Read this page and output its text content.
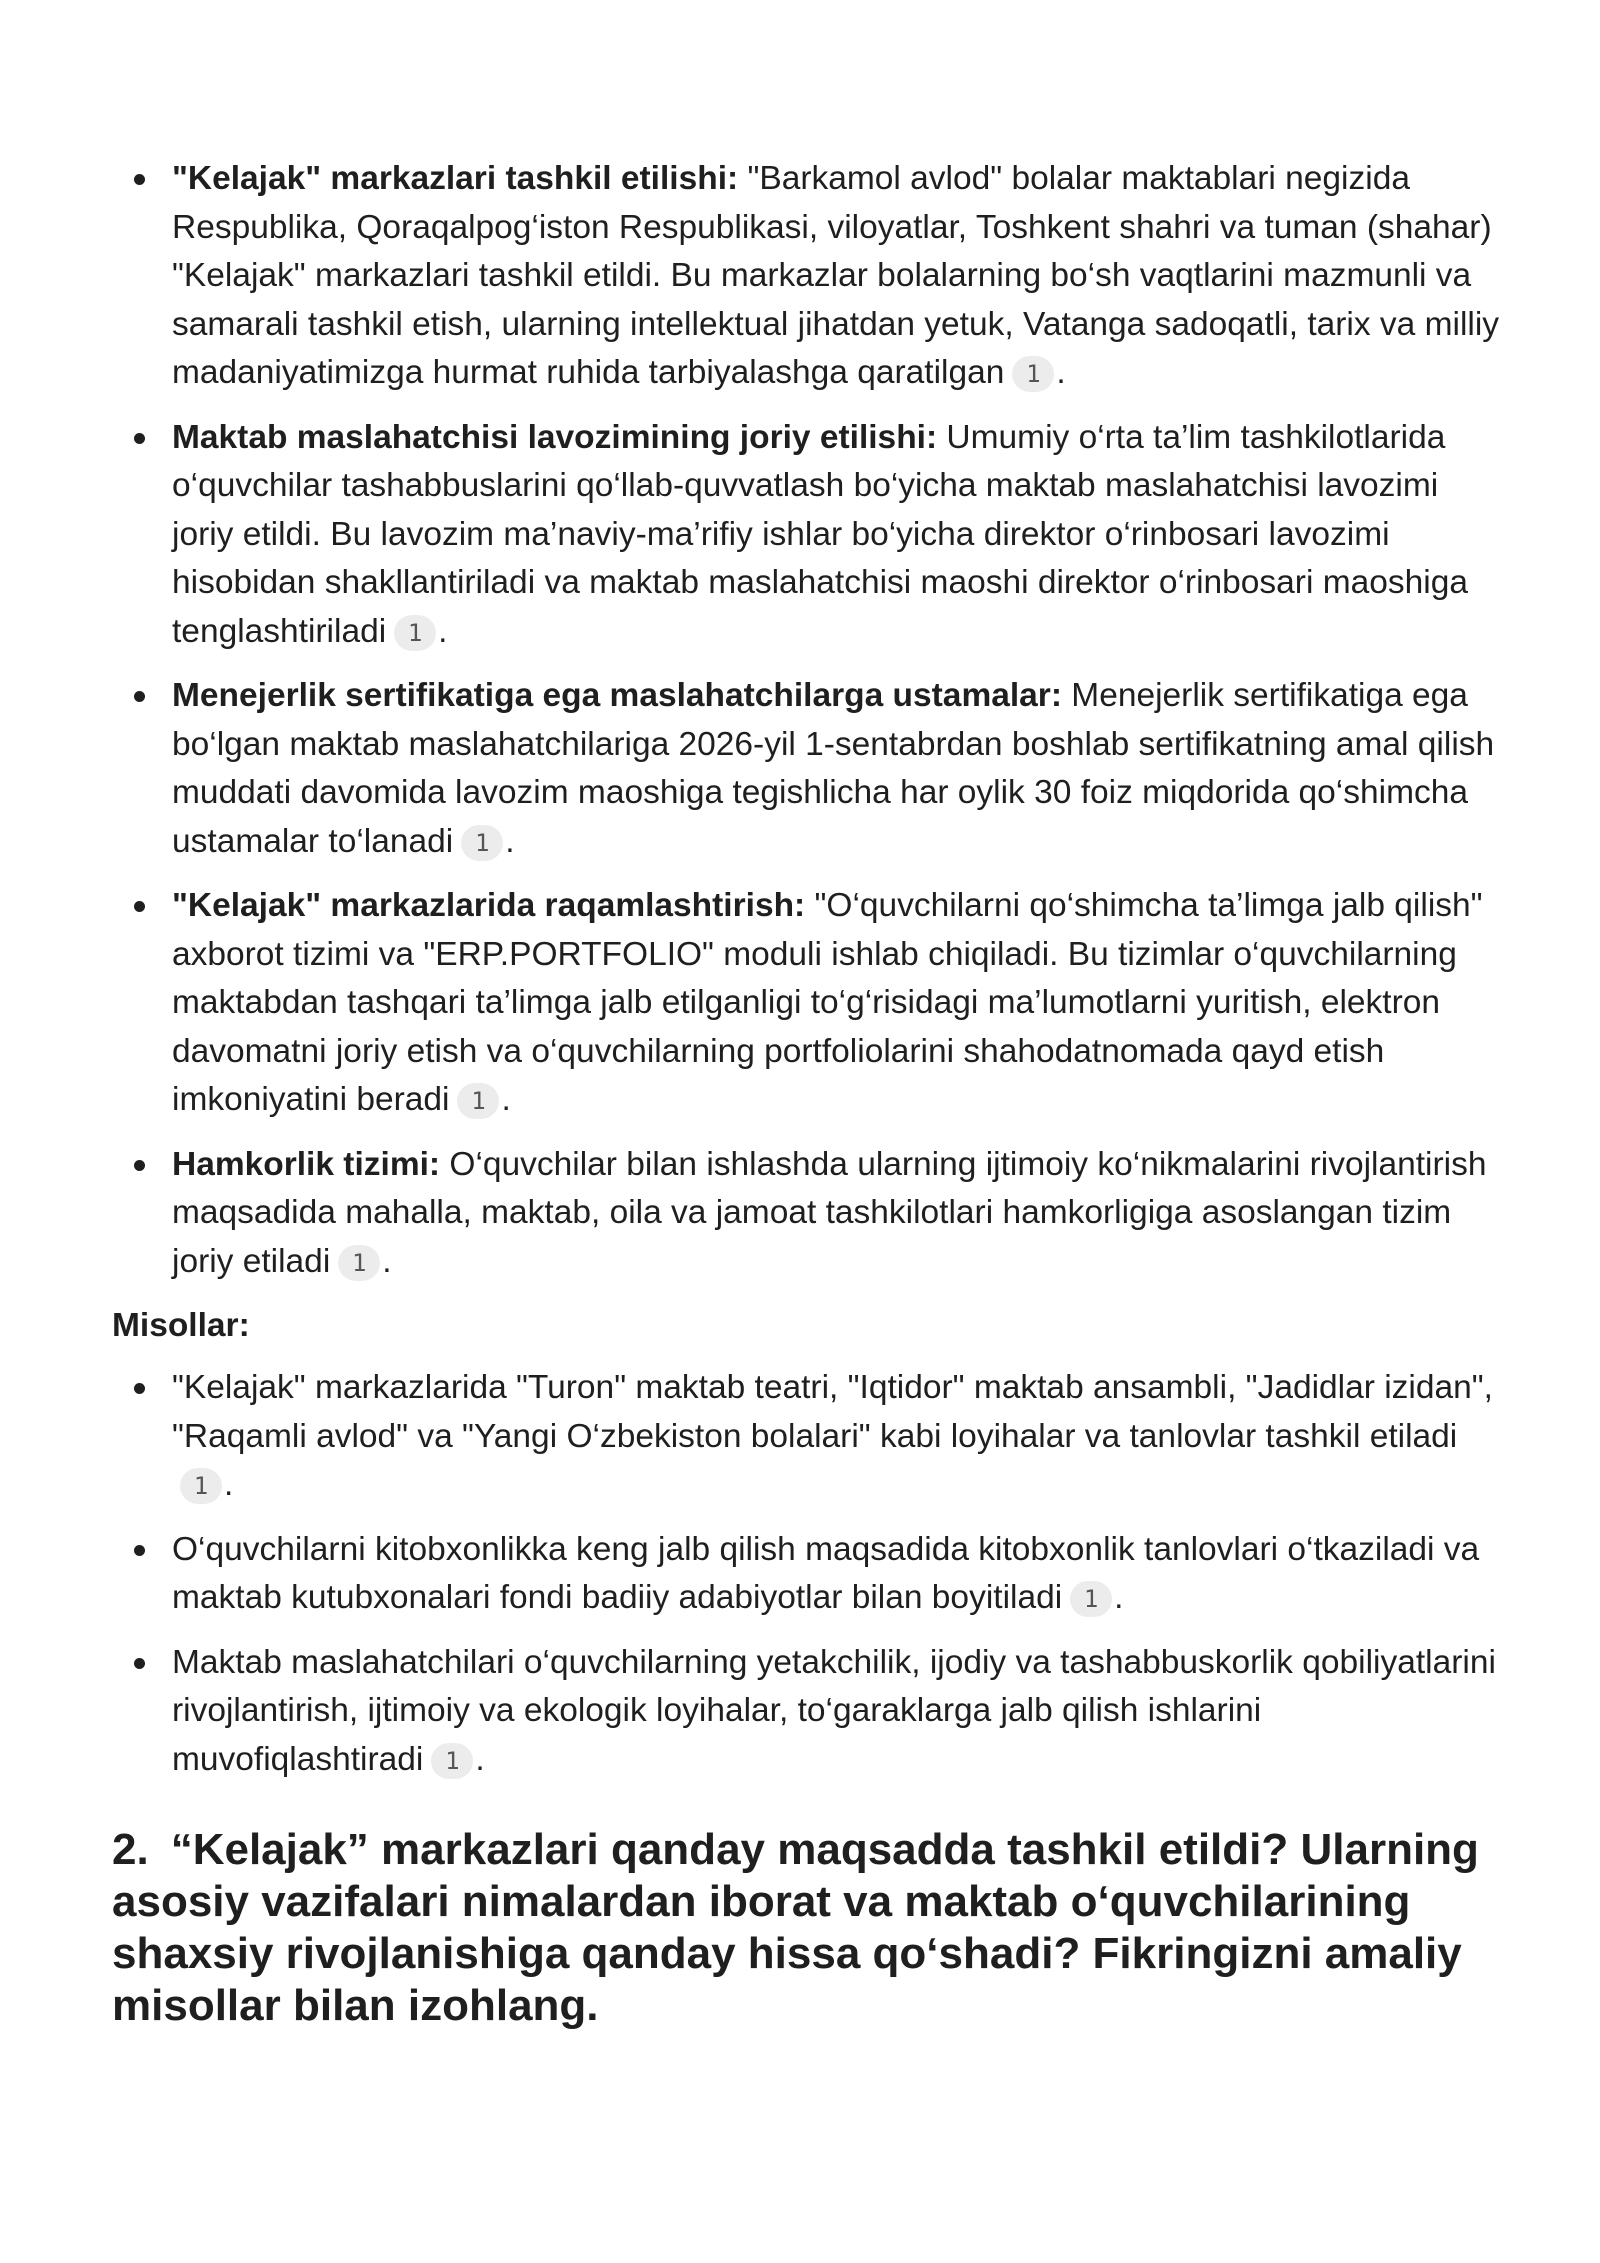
"Kelajak" markazlari tashkil etilishi: "Barkamol avlod" bolalar maktablari negizida Respublika, Qoraqalpog‘iston Respublikasi, viloyatlar, Toshkent shahri va tuman (shahar) "Kelajak" markazlari tashkil etildi. Bu markazlar bolalarning bo‘sh vaqtlarini mazmunli va samarali tashkil etish, ularning intellektual jihatdan yetuk, Vatanga sadoqatli, tarix va milliy madaniyatimizga hurmat ruhida tarbiyalashga qaratilgan 1 .
Maktab maslahatchisi lavozimining joriy etilishi: Umumiy o‘rta ta’lim tashkilotlarida o‘quvchilar tashabbuslarini qo‘llab-quvvatlash bo‘yicha maktab maslahatchisi lavozimi joriy etildi. Bu lavozim ma’naviy-ma’rifiy ishlar bo‘yicha direktor o‘rinbosari lavozimi hisobidan shakllantiriladi va maktab maslahatchisi maoshi direktor o‘rinbosari maoshiga tenglashtiriladi 1 .
Menejerlik sertifikatiga ega maslahatchilarga ustamalar: Menejerlik sertifikatiga ega bo‘lgan maktab maslahatchilariga 2026-yil 1-sentabrdan boshlab sertifikatning amal qilish muddati davomida lavozim maoshiga tegishlicha har oylik 30 foiz miqdorida qo‘shimcha ustamalar to‘lanadi 1 .
"Kelajak" markazlarida raqamlashtirish: "O‘quvchilarni qo‘shimcha ta’limga jalb qilish" axborot tizimi va "ERP.PORTFOLIO" moduli ishlab chiqiladi. Bu tizimlar o‘quvchilarning maktabdan tashqari ta’limga jalb etilganligi to‘g‘risidagi ma’lumotlarni yuritish, elektron davomatni joriy etish va o‘quvchilarning portfoliolarini shahodatnomada qayd etish imkoniyatini beradi 1 .
Hamkorlik tizimi: O‘quvchilar bilan ishlashda ularning ijtimoiy ko‘nikmalarini rivojlantirish maqsadida mahalla, maktab, oila va jamoat tashkilotlari hamkorligiga asoslangan tizim joriy etiladi 1 .
Misollar:
"Kelajak" markazlarida "Turon" maktab teatri, "Iqtidor" maktab ansambli, "Jadidlar izidan", "Raqamli avlod" va "Yangi O‘zbekiston bolalari" kabi loyihalar va tanlovlar tashkil etiladi1 .
O‘quvchilarni kitobxonlikka keng jalb qilish maqsadida kitobxonlik tanlovlari o‘tkaziladi va maktab kutubxonalari fondi badiiy adabiyotlar bilan boyitiladi 1 .
Maktab maslahatchilari o‘quvchilarning yetakchilik, ijodiy va tashabbuskorlik qobiliyatlarini rivojlantirish, ijtimoiy va ekologik loyihalar, to‘garaklarga jalb qilish ishlarini muvofiqlashtiradi 1 .
2. “Kelajak” markazlari qanday maqsadda tashkil etildi? Ularning asosiy vazifalari nimalardan iborat va maktab o‘quvchilarining shaxsiy rivojlanishiga qanday hissa qo‘shadi? Fikringizni amaliy misollar bilan izohlang.
